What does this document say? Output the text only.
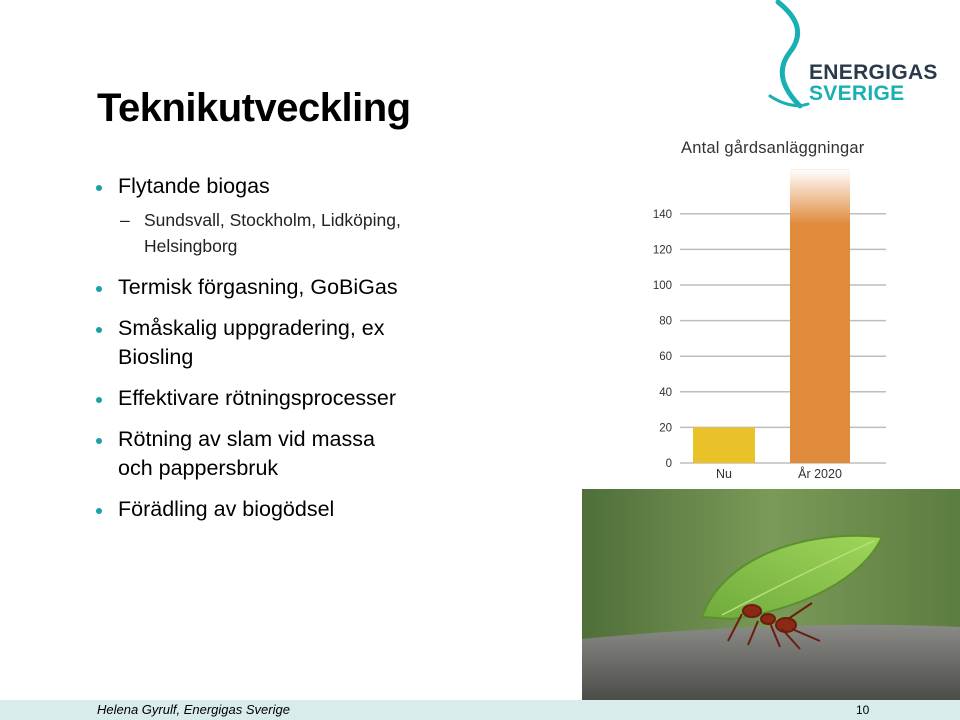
Teknikutveckling
Flytande biogas
– Sundsvall, Stockholm, Lidköping,
Helsingborg
Termisk förgasning, GoBiGas
Småskalig uppgradering, ex
Biosling
Effektivare rötningsprocesser
Rötning av slam vid massa
och pappersbruk
Förädling av biogödsel
ENERGIGAS
SVERIGE
Antal gårdsanläggningar
0
20
40
60
80
100
120
140
Nu	År 2020
Helena Gyrulf, Energigas Sverige	10
